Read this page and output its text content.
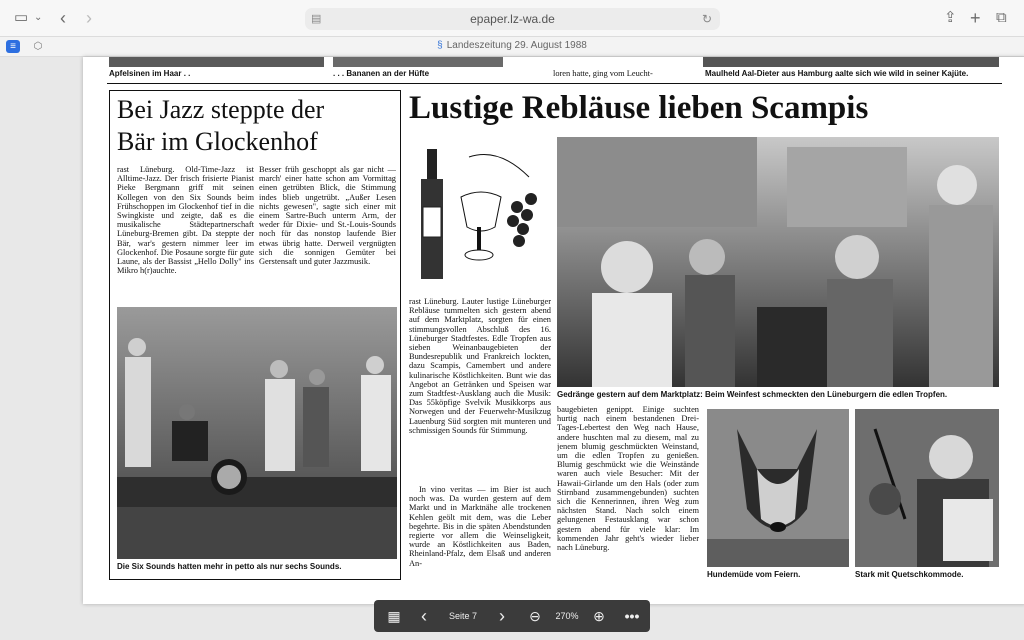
▭ ⌄ ‹ ›	▤	epaper.lz-wa.de	↻	⇪ + ⧉
≡	⬡	§ Landeszeitung 29. August 1988
Apfelsinen im Haar . .	. . . Bananen an der Hüfte	loren hatte, ging vom Leucht-	Maulheld Aal-Dieter aus Hamburg aalte sich wie wild in seiner Kajüte.
Bei Jazz steppte der
Bär im Glockenhof
rast Lüneburg. Old-Time-Jazz ist Alltime-Jazz. Der frisch frisierte Pianist Pieke Bergmann griff mit seinen Kollegen von den Six Sounds beim Frühschoppen im Glockenhof tief in die Swingkiste und zeigte, daß es die musikalische Städtepartnerschaft Lüneburg-Bremen gibt. Da steppte der Bär, war's gestern nimmer leer im Glockenhof. Die Posaune sorgte für gute Laune, als der Bassist „Hello Dolly" ins Mikro h(r)auchte.
Besser früh geschoppt als gar nicht — march' einer hatte schon am Vormittag einen getrübten Blick, die Stimmung indes blieb ungetrübt. „Außer Lesen nichts gewesen", sagte sich einer mit einem Sartre-Buch unterm Arm, der weder für Dixie- und St.-Louis-Sounds noch für das nonstop laufende Bier etwas übrig hatte. Derweil vergnügten sich die sonnigen Gemüter bei Gerstensaft und guter Jazzmusik.
Die Six Sounds hatten mehr in petto als nur sechs Sounds.
Lustige Rebläuse lieben Scampis
Gedränge gestern auf dem Marktplatz: Beim Weinfest schmeckten den Lüneburgern die edlen Tropfen.
rast Lüneburg. Lauter lustige Lüneburger Rebläuse tummelten sich gestern abend auf dem Marktplatz, sorgten für einen stimmungsvollen Abschluß des 16. Lüneburger Stadtfestes. Edle Tropfen aus sieben Weinanbaugebieten der Bundesrepublik und Frankreich lockten, dazu Scampis, Camembert und andere kulinarische Köstlichkeiten. Bunt wie das Angebot an Getränken und Speisen war zum Stadtfest-Ausklang auch die Musik: Das 55köpfige Svelvik Musikkorps aus Norwegen und der Feuerwehr-Musikzug Lauenburg Süd sorgten mit munteren und schmissigen Sounds für Stimmung.
In vino veritas — im Bier ist auch noch was. Da wurden gestern auf dem Markt und in Marktnähe alle trockenen Kehlen geölt mit dem, was die Leber begehrte. Bis in die späten Abendstunden regierte vor allem die Weinseligkeit, wurde an Köstlichkeiten aus Baden, Rheinland-Pfalz, dem Elsaß und anderen An-
baugebieten genippt. Einige suchten hurtig nach einem bestandenen Drei-Tages-Lebertest den Weg nach Hause, andere huschten mal zu diesem, mal zu jenem blumig geschmückten Weinstand, um die edlen Tropfen zu genießen. Blumig geschmückt wie die Weinstände waren auch viele Besucher: Mit der Hawaii-Girlande um den Hals (oder zum Stirnband zusammengebunden) suchten sich die Kennerinnen, ihren Weg zum nächsten Stand. Nach solch einem gelungenen Festausklang war schon gestern abend für viele klar: Im kommenden Jahr geht's wieder lieber nach Lüneburg.
Hundemüde vom Feiern.	Stark mit Quetschkommode.
▦	‹	Seite 7	›	⊖	270%	⊕	•••
